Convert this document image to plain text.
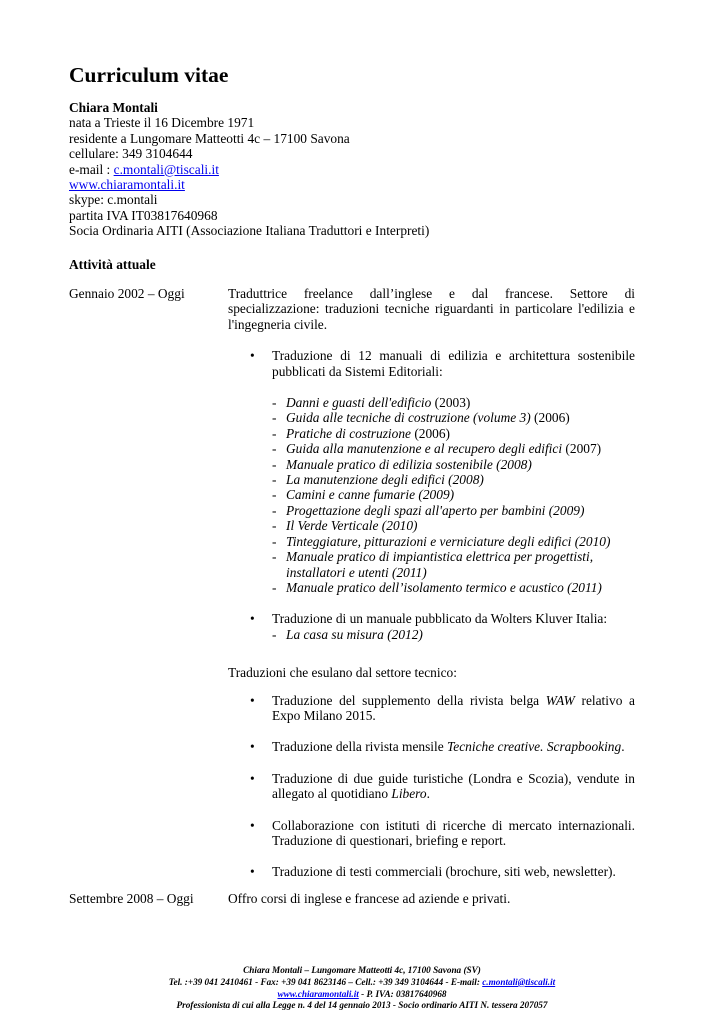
Curriculum vitae
Chiara Montali
nata a Trieste il 16 Dicembre 1971
residente a Lungomare Matteotti 4c – 17100 Savona
cellulare: 349 3104644
e-mail : c.montali@tiscali.it
www.chiaramontali.it
skype: c.montali
partita IVA IT03817640968
Socia Ordinaria AITI (Associazione Italiana Traduttori e Interpreti)
Attività attuale
Gennaio 2002 – Oggi	Traduttrice freelance dall’inglese e dal francese. Settore di specializzazione: traduzioni tecniche riguardanti in particolare l'edilizia e l'ingegneria civile.
• Traduzione di 12 manuali di edilizia e architettura sostenibile pubblicati da Sistemi Editoriali:
- Danni e guasti dell'edificio (2003)
- Guida alle tecniche di costruzione (volume 3) (2006)
- Pratiche di costruzione (2006)
- Guida alla manutenzione e al recupero degli edifici (2007)
- Manuale pratico di edilizia sostenibile (2008)
- La manutenzione degli edifici (2008)
- Camini e canne fumarie (2009)
- Progettazione degli spazi all'aperto per bambini (2009)
- Il Verde Verticale (2010)
- Tinteggiature, pitturazioni e verniciature degli edifici (2010)
- Manuale pratico di impiantistica elettrica per progettisti, installatori e utenti (2011)
- Manuale pratico dell’isolamento termico e acustico (2011)
• Traduzione di un manuale pubblicato da Wolters Kluver Italia:
- La casa su misura (2012)
Traduzioni che esulano dal settore tecnico:
• Traduzione del supplemento della rivista belga WAW relativo a Expo Milano 2015.
• Traduzione della rivista mensile Tecniche creative. Scrapbooking.
• Traduzione di due guide turistiche (Londra e Scozia), vendute in allegato al quotidiano Libero.
• Collaborazione con istituti di ricerche di mercato internazionali. Traduzione di questionari, briefing e report.
• Traduzione di testi commerciali (brochure, siti web, newsletter).
Settembre 2008 – Oggi	Offro corsi di inglese e francese ad aziende e privati.
Chiara Montali – Lungomare Matteotti 4c, 17100 Savona (SV)
Tel. :+39 041 2410461 - Fax: +39 041 8623146 – Cell.: +39 349 3104644 - E-mail: c.montali@tiscali.it
www.chiaramontali.it - P. IVA: 03817640968
Professionista di cui alla Legge n. 4 del 14 gennaio 2013 - Socio ordinario AITI N. tessera 207057
